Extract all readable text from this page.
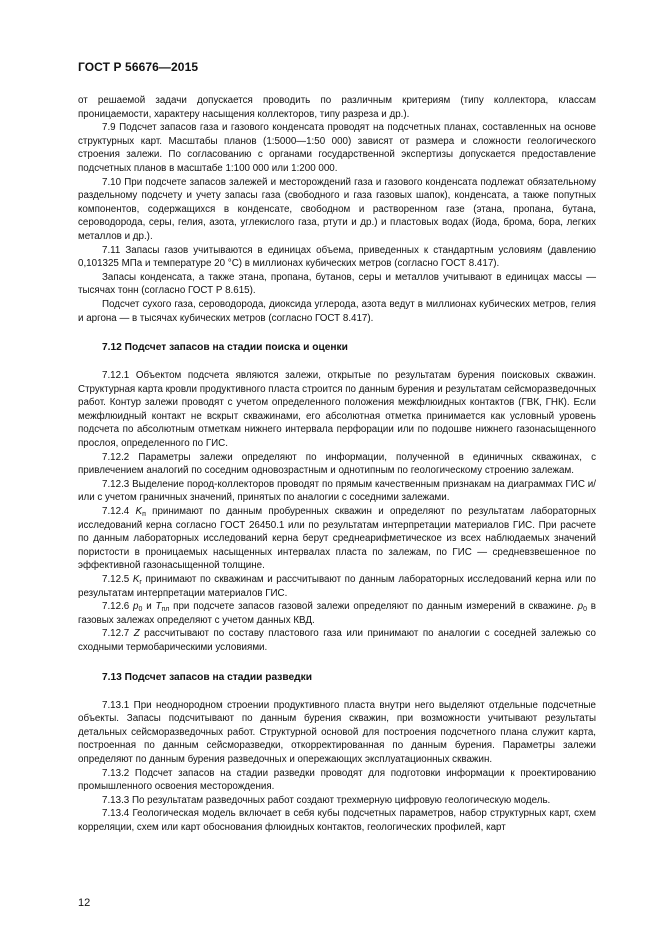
ГОСТ Р 56676—2015

от решаемой задачи допускается проводить по различным критериям (типу коллектора, классам проницаемости, характеру насыщения коллекторов, типу разреза и др.).

7.9 Подсчет запасов газа и газового конденсата проводят на подсчетных планах, составленных на основе структурных карт. Масштабы планов (1:5000—1:50 000) зависят от размера и сложности геологического строения залежи. По согласованию с органами государственной экспертизы допускается предоставление подсчетных планов в масштабе 1:100 000 или 1:200 000.

7.10 При подсчете запасов залежей и месторождений газа и газового конденсата подлежат обязательному раздельному подсчету и учету запасы газа (свободного и газа газовых шапок), конденсата, а также попутных компонентов, содержащихся в конденсате, свободном и растворенном газе (этана, пропана, бутана, сероводорода, серы, гелия, азота, углекислого газа, ртути и др.) и пластовых водах (йода, брома, бора, легких металлов и др.).

7.11 Запасы газов учитываются в единицах объема, приведенных к стандартным условиям (давлению 0,101325 МПа и температуре 20 °С) в миллионах кубических метров (согласно ГОСТ 8.417).

Запасы конденсата, а также этана, пропана, бутанов, серы и металлов учитывают в единицах массы — тысячах тонн (согласно ГОСТ Р 8.615).

Подсчет сухого газа, сероводорода, диоксида углерода, азота ведут в миллионах кубических метров, гелия и аргона — в тысячах кубических метров (согласно ГОСТ 8.417).

7.12 Подсчет запасов на стадии поиска и оценки

7.12.1 Объектом подсчета являются залежи, открытые по результатам бурения поисковых скважин. Структурная карта кровли продуктивного пласта строится по данным бурения и результатам сейсморазведочных работ. Контур залежи проводят с учетом определенного положения межфлюидных контактов (ГВК, ГНК). Если межфлюидный контакт не вскрыт скважинами, его абсолютная отметка принимается как условный уровень подсчета по абсолютным отметкам нижнего интервала перфорации или по подошве нижнего газонасыщенного прослоя, определенного по ГИС.

7.12.2 Параметры залежи определяют по информации, полученной в единичных скважинах, с привлечением аналогий по соседним одновозрастным и однотипным по геологическому строению залежам.

7.12.3 Выделение пород-коллекторов проводят по прямым качественным признакам на диаграммах ГИС и/или с учетом граничных значений, принятых по аналогии с соседними залежами.

7.12.4 $K_п$ принимают по данным пробуренных скважин и определяют по результатам лабораторных исследований керна согласно ГОСТ 26450.1 или по результатам интерпретации материалов ГИС. При расчете по данным лабораторных исследований керна берут среднеарифметическое из всех наблюдаемых значений пористости в проницаемых насыщенных интервалах пласта по залежам, по ГИС — средневзвешенное по эффективной газонасыщенной толщине.

7.12.5 $K_г$ принимают по скважинам и рассчитывают по данным лабораторных исследований керна или по результатам интерпретации материалов ГИС.

7.12.6 $p_0$ и $T_{пл}$ при подсчете запасов газовой залежи определяют по данным измерений в скважине. $p_0$ в газовых залежах определяют с учетом данных КВД.

7.12.7 Z рассчитывают по составу пластового газа или принимают по аналогии с соседней залежью со сходными термобарическими условиями.

7.13 Подсчет запасов на стадии разведки

7.13.1 При неоднородном строении продуктивного пласта внутри него выделяют отдельные подсчетные объекты. Запасы подсчитывают по данным бурения скважин, при возможности учитывают результаты детальных сейсморазведочных работ. Структурной основой для построения подсчетного плана служит карта, построенная по данным сейсморазведки, откорректированная по данным бурения. Параметры залежи определяют по данным бурения разведочных и опережающих эксплуатационных скважин.

7.13.2 Подсчет запасов на стадии разведки проводят для подготовки информации к проектированию промышленного освоения месторождения.

7.13.3 По результатам разведочных работ создают трехмерную цифровую геологическую модель.

7.13.4 Геологическая модель включает в себя кубы подсчетных параметров, набор структурных карт, схем корреляции, схем или карт обоснования флюидных контактов, геологических профилей, карт

12
